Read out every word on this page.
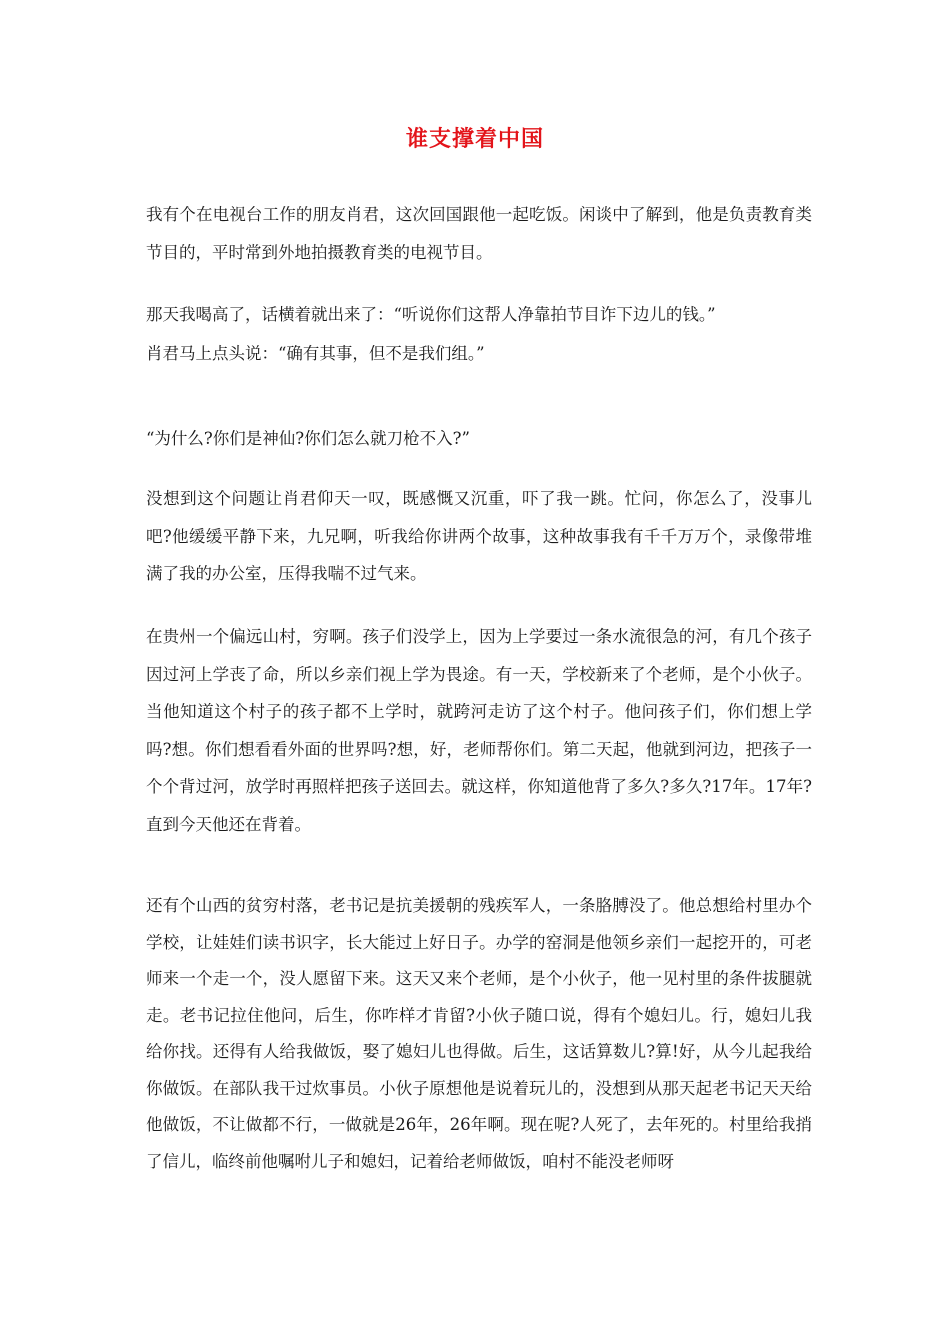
谁支撑着中国

我有个在电视台工作的朋友肖君，这次回国跟他一起吃饭。闲谈中了解到，他是负责教育类节目的，平时常到外地拍摄教育类的电视节目。

那天我喝高了，话横着就出来了：“听说你们这帮人净靠拍节目诈下边儿的钱。”

肖君马上点头说：“确有其事，但不是我们组。”

“为什么?你们是神仙?你们怎么就刀枪不入?”

没想到这个问题让肖君仰天一叹，既感慨又沉重，吓了我一跳。忙问，你怎么了，没事儿吧?他缓缓平静下来，九兄啊，听我给你讲两个故事，这种故事我有千千万万个，录像带堆满了我的办公室，压得我喘不过气来。

在贵州一个偏远山村，穷啊。孩子们没学上，因为上学要过一条水流很急的河，有几个孩子因过河上学丧了命，所以乡亲们视上学为畏途。有一天，学校新来了个老师，是个小伙子。当他知道这个村子的孩子都不上学时，就跨河走访了这个村子。他问孩子们，你们想上学吗?想。你们想看看外面的世界吗?想，好，老师帮你们。第二天起，他就到河边，把孩子一个个背过河，放学时再照样把孩子送回去。就这样，你知道他背了多久?多久?17年。17年?直到今天他还在背着。

还有个山西的贫穷村落，老书记是抗美援朝的残疾军人，一条胳膊没了。他总想给村里办个学校，让娃娃们读书识字，长大能过上好日子。办学的窑洞是他领乡亲们一起挖开的，可老师来一个走一个，没人愿留下来。这天又来个老师，是个小伙子，他一见村里的条件拔腿就走。老书记拉住他问，后生，你咋样才肯留?小伙子随口说，得有个媳妇儿。行，媳妇儿我给你找。还得有人给我做饭，娶了媳妇儿也得做。后生，这话算数儿?算!好，从今儿起我给你做饭。在部队我干过炊事员。小伙子原想他是说着玩儿的，没想到从那天起老书记天天给他做饭，不让做都不行，一做就是26年，26年啊。现在呢?人死了，去年死的。村里给我捎了信儿，临终前他嘱咐儿子和媳妇，记着给老师做饭，咱村不能没老师呀
